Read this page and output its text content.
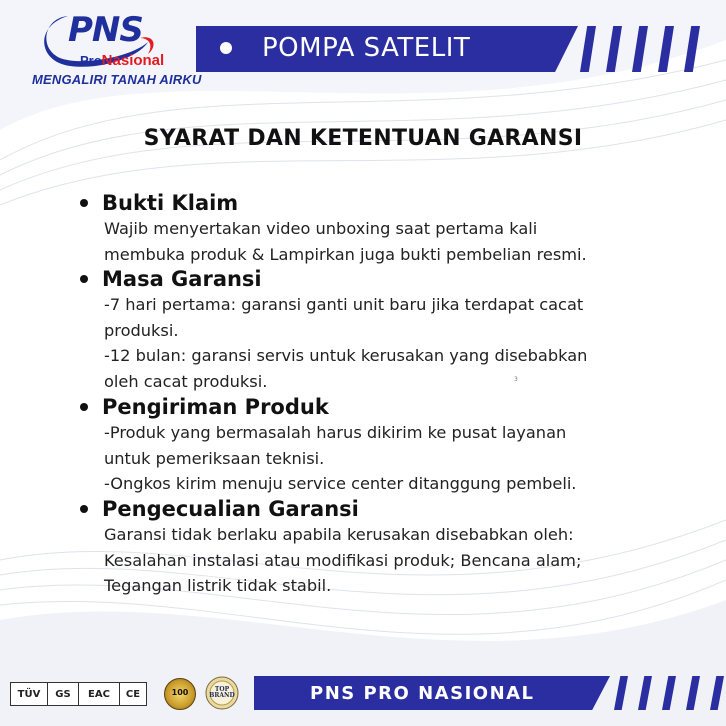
PNS
ProNasional
MENGALIRI TANAH AIRKU
POMPA SATELIT
SYARAT DAN KETENTUAN GARANSI
Bukti Klaim
Wajib menyertakan video unboxing saat pertama kali
membuka produk & Lampirkan juga bukti pembelian resmi.
Masa Garansi
-7 hari pertama: garansi ganti unit baru jika terdapat cacat
produksi.
-12 bulan: garansi servis untuk kerusakan yang disebabkan
oleh cacat produksi.	3
Pengiriman Produk
-Produk yang bermasalah harus dikirim ke pusat layanan
untuk pemeriksaan teknisi.
-Ongkos kirim menuju service center ditanggung pembeli.
Pengecualian Garansi
Garansi tidak berlaku apabila kerusakan disebabkan oleh:
Kesalahan instalasi atau modifikasi produk; Bencana alam;
Tegangan listrik tidak stabil.
TÜV	GS	EAC	CE	100	TOP BRAND	PNS PRO NASIONAL
